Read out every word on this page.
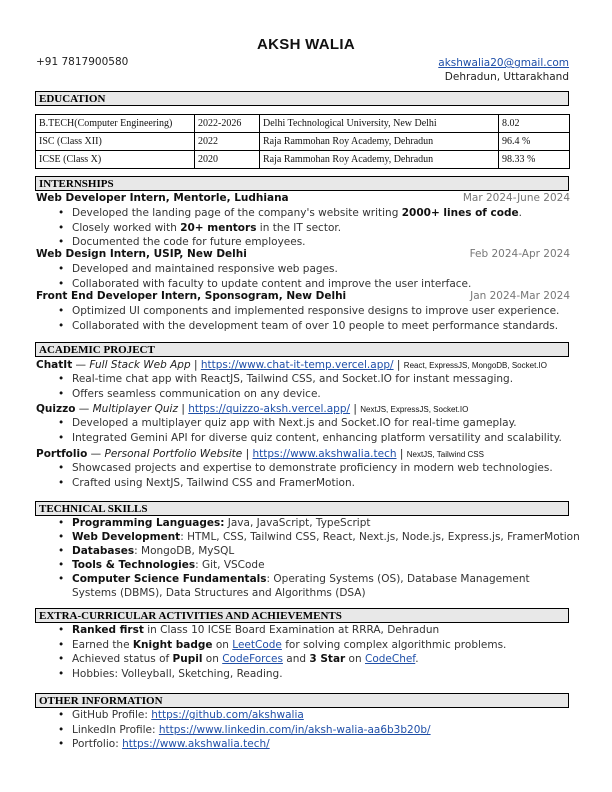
AKSH WALIA
+91 7817900580	akshwalia20@gmail.com
Dehradun, Uttarakhand
EDUCATION
B.TECH(Computer Engineering)	2022-2026	Delhi Technological University, New Delhi	8.02
ISC (Class XII)	2022	Raja Rammohan Roy Academy, Dehradun	96.4 %
ICSE (Class X)	2020	Raja Rammohan Roy Academy, Dehradun	98.33 %
INTERNSHIPS
Web Developer Intern, Mentorle, Ludhiana	Mar 2024-June 2024
• Developed the landing page of the company's website writing 2000+ lines of code.
• Closely worked with 20+ mentors in the IT sector.
• Documented the code for future employees.
Web Design Intern, USIP, New Delhi	Feb 2024-Apr 2024
• Developed and maintained responsive web pages.
• Collaborated with faculty to update content and improve the user interface.
Front End Developer Intern, Sponsogram, New Delhi	Jan 2024-Mar 2024
• Optimized UI components and implemented responsive designs to improve user experience.
• Collaborated with the development team of over 10 people to meet performance standards.
ACADEMIC PROJECT
ChatIt — Full Stack Web App | https://www.chat-it-temp.vercel.app/ | React, ExpressJS, MongoDB, Socket.IO
• Real-time chat app with ReactJS, Tailwind CSS, and Socket.IO for instant messaging.
• Offers seamless communication on any device.
Quizzo — Multiplayer Quiz | https://quizzo-aksh.vercel.app/ | NextJS, ExpressJS, Socket.IO
• Developed a multiplayer quiz app with Next.js and Socket.IO for real-time gameplay.
• Integrated Gemini API for diverse quiz content, enhancing platform versatility and scalability.
Portfolio — Personal Portfolio Website | https://www.akshwalia.tech | NextJS, Tailwind CSS
• Showcased projects and expertise to demonstrate proficiency in modern web technologies.
• Crafted using NextJS, Tailwind CSS and FramerMotion.
TECHNICAL SKILLS
• Programming Languages: Java, JavaScript, TypeScript
• Web Development: HTML, CSS, Tailwind CSS, React, Next.js, Node.js, Express.js, FramerMotion
• Databases: MongoDB, MySQL
• Tools & Technologies: Git, VSCode
• Computer Science Fundamentals: Operating Systems (OS), Database Management Systems (DBMS), Data Structures and Algorithms (DSA)
EXTRA-CURRICULAR ACTIVITIES AND ACHIEVEMENTS
• Ranked first in Class 10 ICSE Board Examination at RRRA, Dehradun
• Earned the Knight badge on LeetCode for solving complex algorithmic problems.
• Achieved status of Pupil on CodeForces and 3 Star on CodeChef.
• Hobbies: Volleyball, Sketching, Reading.
OTHER INFORMATION
• GitHub Profile: https://github.com/akshwalia
• LinkedIn Profile: https://www.linkedin.com/in/aksh-walia-aa6b3b20b/
• Portfolio: https://www.akshwalia.tech/
